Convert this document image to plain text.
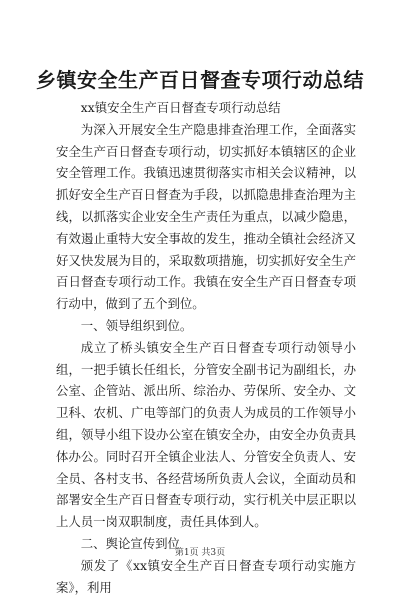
乡镇安全生产百日督查专项行动总结

xx镇安全生产百日督查专项行动总结

为深入开展安全生产隐患排查治理工作，全面落实安全生产百日督查专项行动，切实抓好本镇辖区的企业安全管理工作。我镇迅速贯彻落实市相关会议精神，以抓好安全生产百日督查为手段，以抓隐患排查治理为主线，以抓落实企业安全生产责任为重点，以减少隐患，有效遏止重特大安全事故的发生，推动全镇社会经济又好又快发展为目的，采取数项措施，切实抓好安全生产百日督查专项行动工作。我镇在安全生产百日督查专项行动中，做到了五个到位。

一、领导组织到位。

成立了桥头镇安全生产百日督查专项行动领导小组，一把手镇长任组长，分管安全副书记为副组长，办公室、企管站、派出所、综治办、劳保所、安全办、文卫科、农机、广电等部门的负责人为成员的工作领导小组，领导小组下设办公室在镇安全办，由安全办负责具体办公。同时召开全镇企业法人、分管安全负责人、安全员、各村支书、各经营场所负责人会议，全面动员和部署安全生产百日督查专项行动，实行机关中层正职以上人员一岗双职制度，责任具体到人。

二、舆论宣传到位

颁发了《xx镇安全生产百日督查专项行动实施方案》，利用

第1页 共3页
